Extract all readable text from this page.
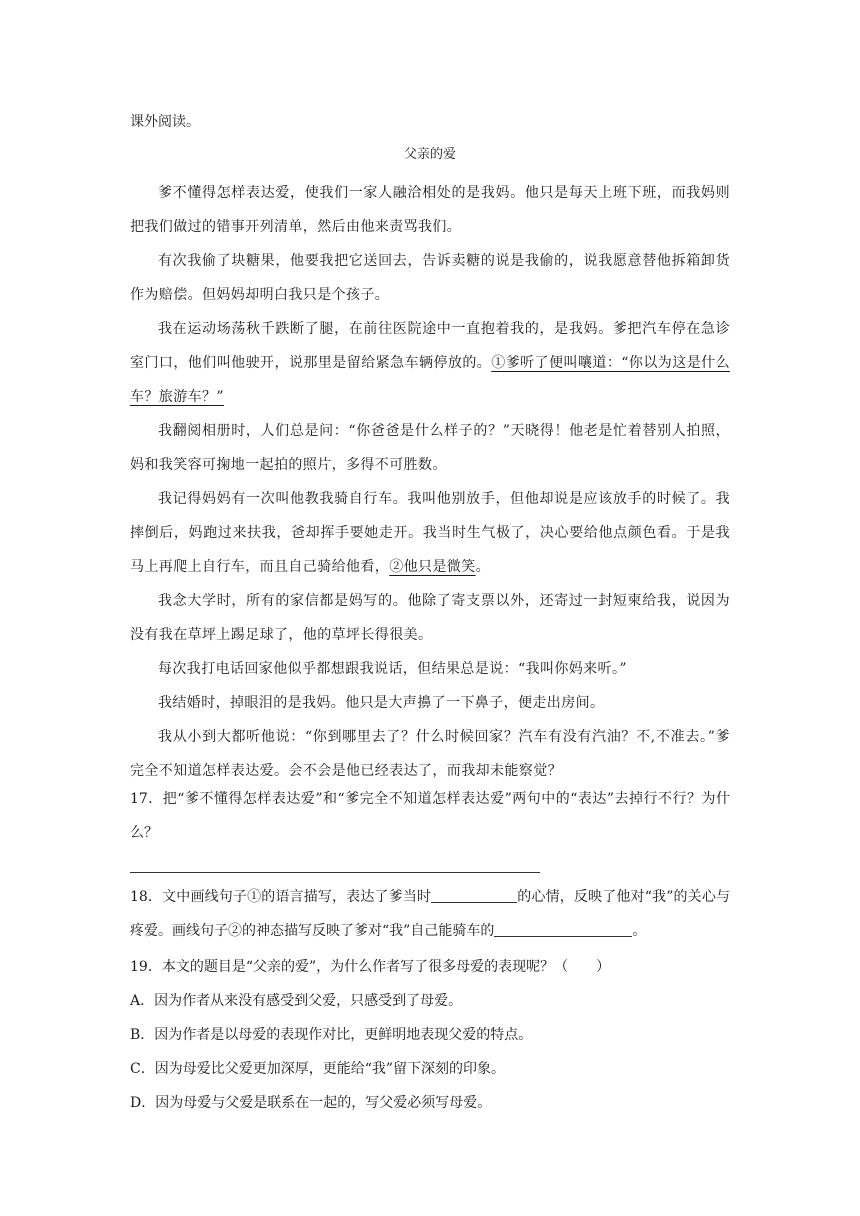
课外阅读。
父亲的爱

爹不懂得怎样表达爱，使我们一家人融洽相处的是我妈。他只是每天上班下班，而我妈则把我们做过的错事开列清单，然后由他来责骂我们。

有次我偷了块糖果，他要我把它送回去，告诉卖糖的说是我偷的，说我愿意替他拆箱卸货作为赔偿。但妈妈却明白我只是个孩子。

我在运动场荡秋千跌断了腿，在前往医院途中一直抱着我的，是我妈。爹把汽车停在急诊室门口，他们叫他驶开，说那里是留给紧急车辆停放的。①爹听了便叫嚷道：“你以为这是什么车？旅游车？”

我翻阅相册时，人们总是问：“你爸爸是什么样子的？”天晓得！他老是忙着替别人拍照，妈和我笑容可掬地一起拍的照片，多得不可胜数。

我记得妈妈有一次叫他教我骑自行车。我叫他别放手，但他却说是应该放手的时候了。我摔倒后，妈跑过来扶我，爸却挥手要她走开。我当时生气极了，决心要给他点颜色看。于是我马上再爬上自行车，而且自己骑给他看，②他只是微笑。

我念大学时，所有的家信都是妈写的。他除了寄支票以外，还寄过一封短柬给我，说因为没有我在草坪上踢足球了，他的草坪长得很美。

每次我打电话回家他似乎都想跟我说话，但结果总是说：“我叫你妈来听。”

我结婚时，掉眼泪的是我妈。他只是大声擤了一下鼻子，便走出房间。

我从小到大都听他说：“你到哪里去了？什么时候回家？汽车有没有汽油？不,不准去。”爹完全不知道怎样表达爱。会不会是他已经表达了，而我却未能察觉？

17．把“爹不懂得怎样表达爱”和“爹完全不知道怎样表达爱”两句中的“表达”去掉行不行？为什么？
18．文中画线句子①的语言描写，表达了爹当时	的心情，反映了他对“我”的关心与疼爱。画线句子②的神态描写反映了爹对“我”自己能骑车的	。
19．本文的题目是“父亲的爱”，为什么作者写了很多母爱的表现呢？（　　）
A．因为作者从来没有感受到父爱，只感受到了母爱。
B．因为作者是以母爱的表现作对比，更鲜明地表现父爱的特点。
C．因为母爱比父爱更加深厚，更能给“我”留下深刻的印象。
D．因为母爱与父爱是联系在一起的，写父爱必须写母爱。
